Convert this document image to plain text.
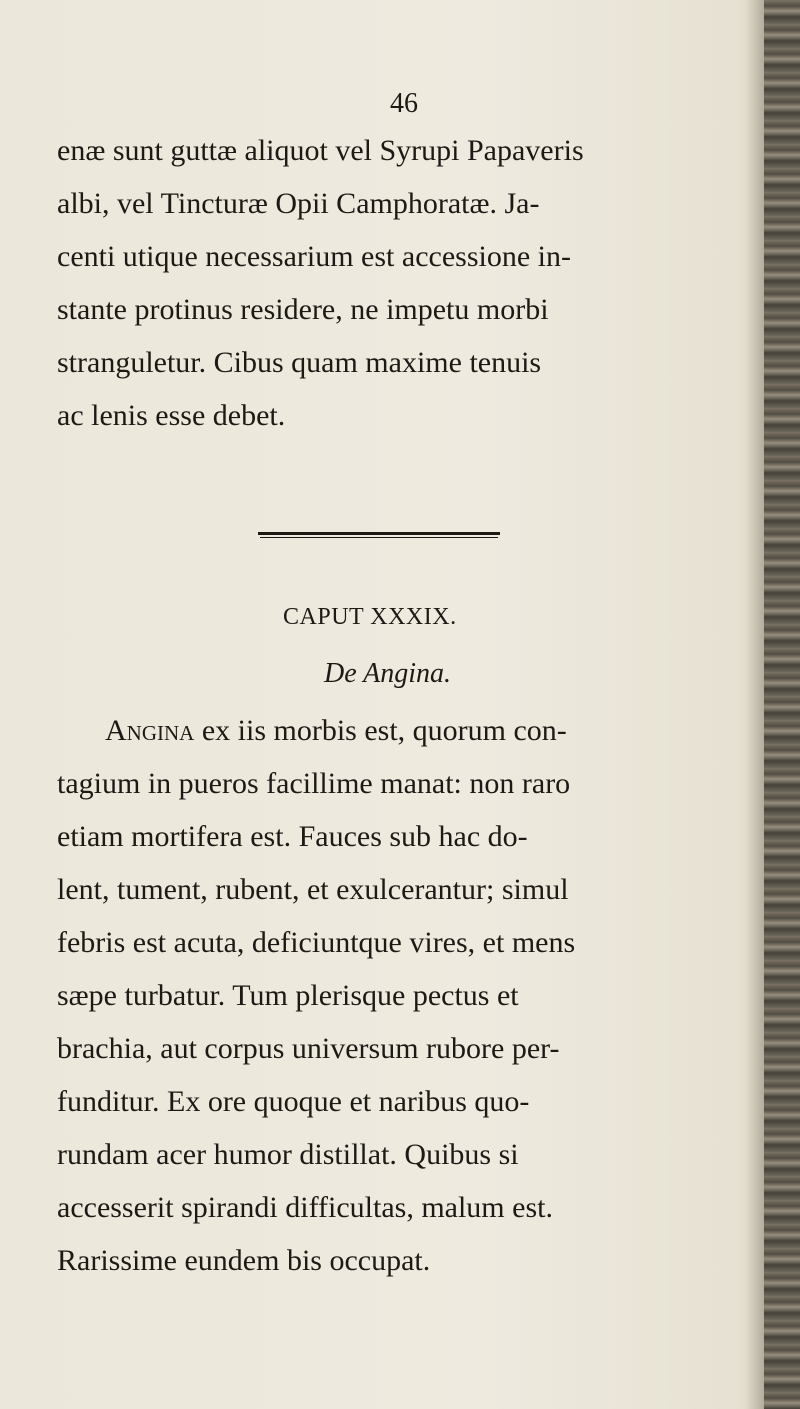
46
enæ sunt guttæ aliquot vel Syrupi Papaveris
albi, vel Tincturæ Opii Camphoratæ. Ja-
centi utique necessarium est accessione in-
stante protinus residere, ne impetu morbi
stranguletur. Cibus quam maxime tenuis
ac lenis esse debet.
CAPUT XXXIX.
De Angina.
Angina ex iis morbis est, quorum con-
tagium in pueros facillime manat: non raro
etiam mortifera est. Fauces sub hac do-
lent, tument, rubent, et exulcerantur; simul
febris est acuta, deficiuntque vires, et mens
sæpe turbatur. Tum plerisque pectus et
brachia, aut corpus universum rubore per-
funditur. Ex ore quoque et naribus quo-
rundam acer humor distillat. Quibus si
accesserit spirandi difficultas, malum est.
Rarissime eundem bis occupat.
